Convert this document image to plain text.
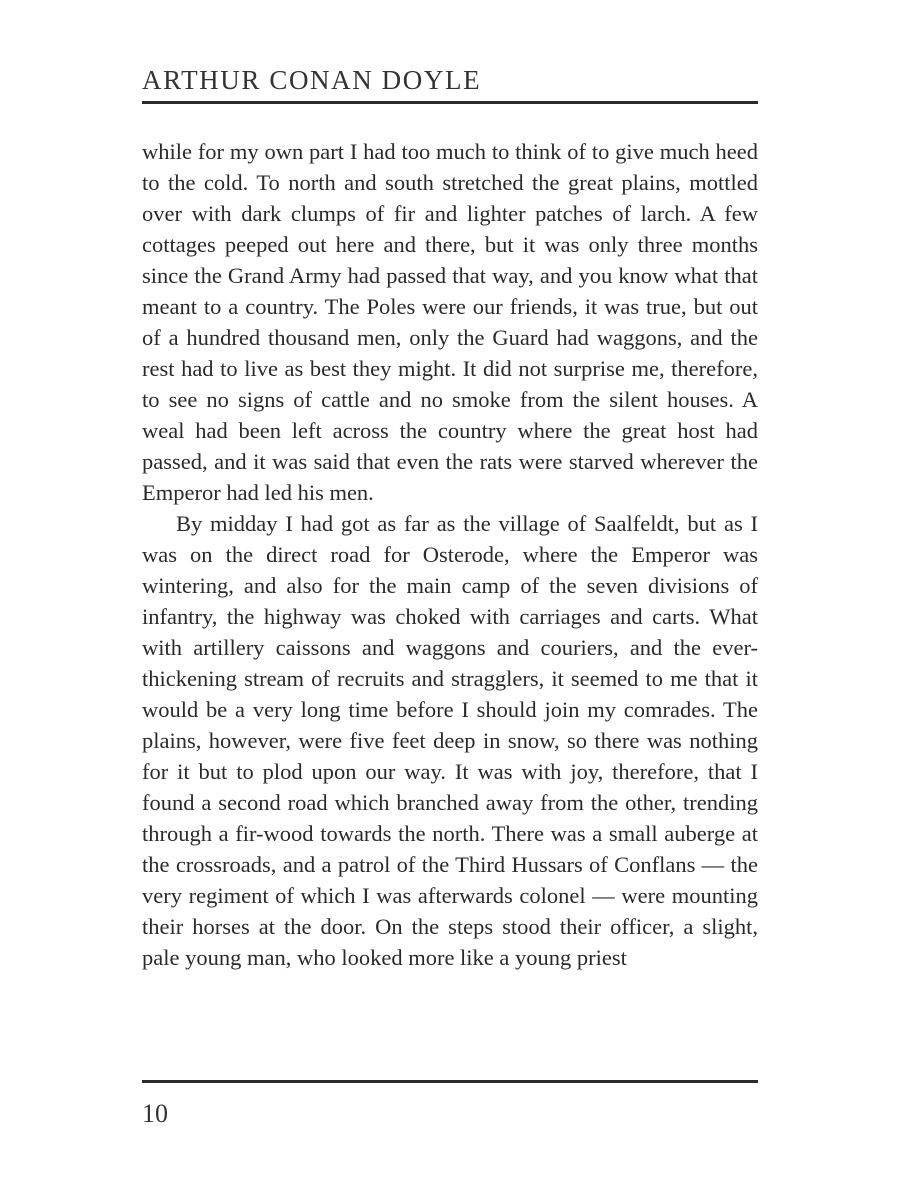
ARTHUR CONAN DOYLE

while for my own part I had too much to think of to give much heed to the cold. To north and south stretched the great plains, mottled over with dark clumps of fir and lighter patches of larch. A few cottages peeped out here and there, but it was only three months since the Grand Army had passed that way, and you know what that meant to a country. The Poles were our friends, it was true, but out of a hundred thousand men, only the Guard had waggons, and the rest had to live as best they might. It did not surprise me, therefore, to see no signs of cattle and no smoke from the silent houses. A weal had been left across the country where the great host had passed, and it was said that even the rats were starved wherever the Emperor had led his men.

By midday I had got as far as the village of Saalfeldt, but as I was on the direct road for Osterode, where the Emperor was wintering, and also for the main camp of the seven divisions of infantry, the highway was choked with carriages and carts. What with artillery caissons and waggons and couriers, and the ever-thickening stream of recruits and stragglers, it seemed to me that it would be a very long time before I should join my comrades. The plains, however, were five feet deep in snow, so there was nothing for it but to plod upon our way. It was with joy, therefore, that I found a second road which branched away from the other, trending through a fir-wood towards the north. There was a small auberge at the crossroads, and a patrol of the Third Hussars of Conflans — the very regiment of which I was afterwards colonel — were mounting their horses at the door. On the steps stood their officer, a slight, pale young man, who looked more like a young priest

10
